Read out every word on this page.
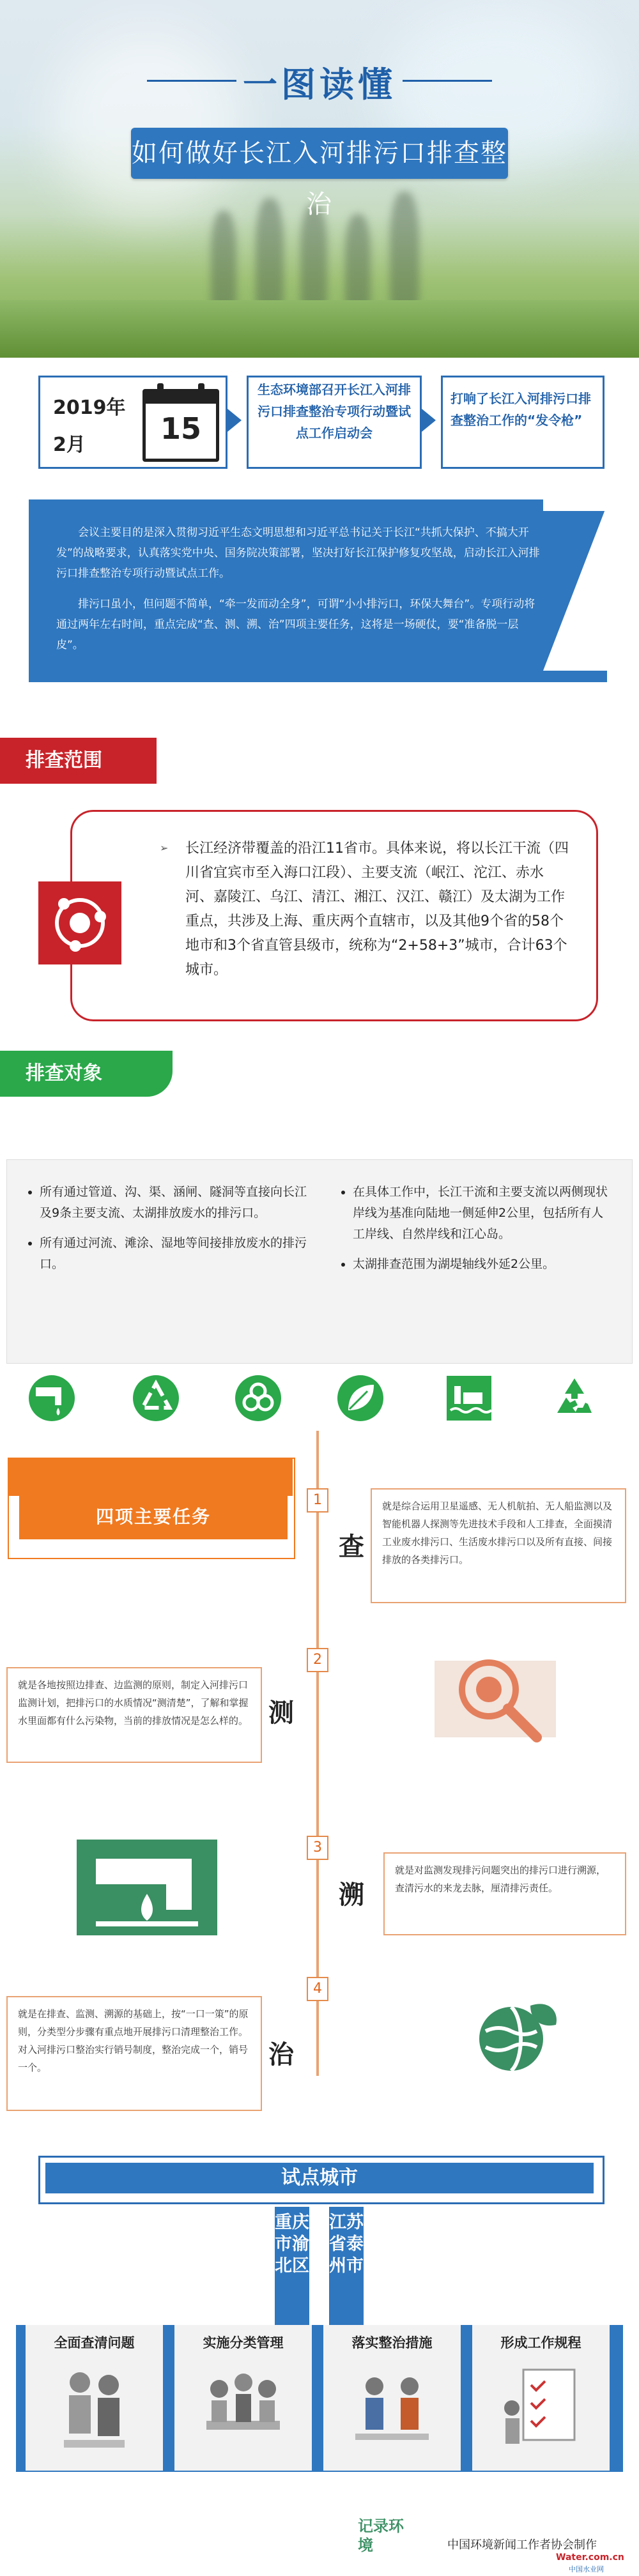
一图读懂
如何做好长江入河排污口排查整治
2019年
2月	15
生态环境部召开长江入河排污口排查整治专项行动暨试点工作启动会
打响了长江入河排污口排查整治工作的“发令枪”

会议主要目的是深入贯彻习近平生态文明思想和习近平总书记关于长江“共抓大保护、不搞大开发”的战略要求，认真落实党中央、国务院决策部署，坚决打好长江保护修复攻坚战，启动长江入河排污口排查整治专项行动暨试点工作。

排污口虽小，但问题不简单，“牵一发而动全身”，可谓“小小排污口，环保大舞台”。专项行动将通过两年左右时间，重点完成“查、测、溯、治”四项主要任务，这将是一场硬仗，要“准备脱一层皮”。

排查范围
➢ 长江经济带覆盖的沿江11省市。具体来说，将以长江干流（四川省宜宾市至入海口江段）、主要支流（岷江、沱江、赤水河、嘉陵江、乌江、清江、湘江、汉江、赣江）及太湖为工作重点，共涉及上海、重庆两个直辖市，以及其他9个省的58个地市和3个省直管县级市，统称为“2+58+3”城市，合计63个城市。
排查对象
• 所有通过管道、沟、渠、涵闸、隧洞等直接向长江及9条主要支流、太湖排放废水的排污口。
• 所有通过河流、滩涂、湿地等间接排放废水的排污口。
• 在具体工作中，长江干流和主要支流以两侧现状岸线为基准向陆地一侧延伸2公里，包括所有人工岸线、自然岸线和江心岛。
• 太湖排查范围为湖堤轴线外延2公里。
四项主要任务
1
查
就是综合运用卫星遥感、无人机航拍、无人船监测以及智能机器人探测等先进技术手段和人工排查，全面摸清工业废水排污口、生活废水排污口以及所有直接、间接排放的各类排污口。
2
测
就是各地按照边排查、边监测的原则，制定入河排污口监测计划，把排污口的水质情况“测清楚”，了解和掌握水里面都有什么污染物，当前的排放情况是怎么样的。
3
溯
就是对监测发现排污问题突出的排污口进行溯源，查清污水的来龙去脉，厘清排污责任。
4
治
就是在排查、监测、溯源的基础上，按“一口一策”的原则，分类型分步骤有重点地开展排污口清理整治工作。对入河排污口整治实行销号制度，整治完成一个，销号一个。
试点城市
重庆市渝北区
江苏省泰州市
全面查清问题	实施分类管理	落实整治措施	形成工作规程
记录环境	中国环境新闻工作者协会制作
Water.com.cn
中国水业网
